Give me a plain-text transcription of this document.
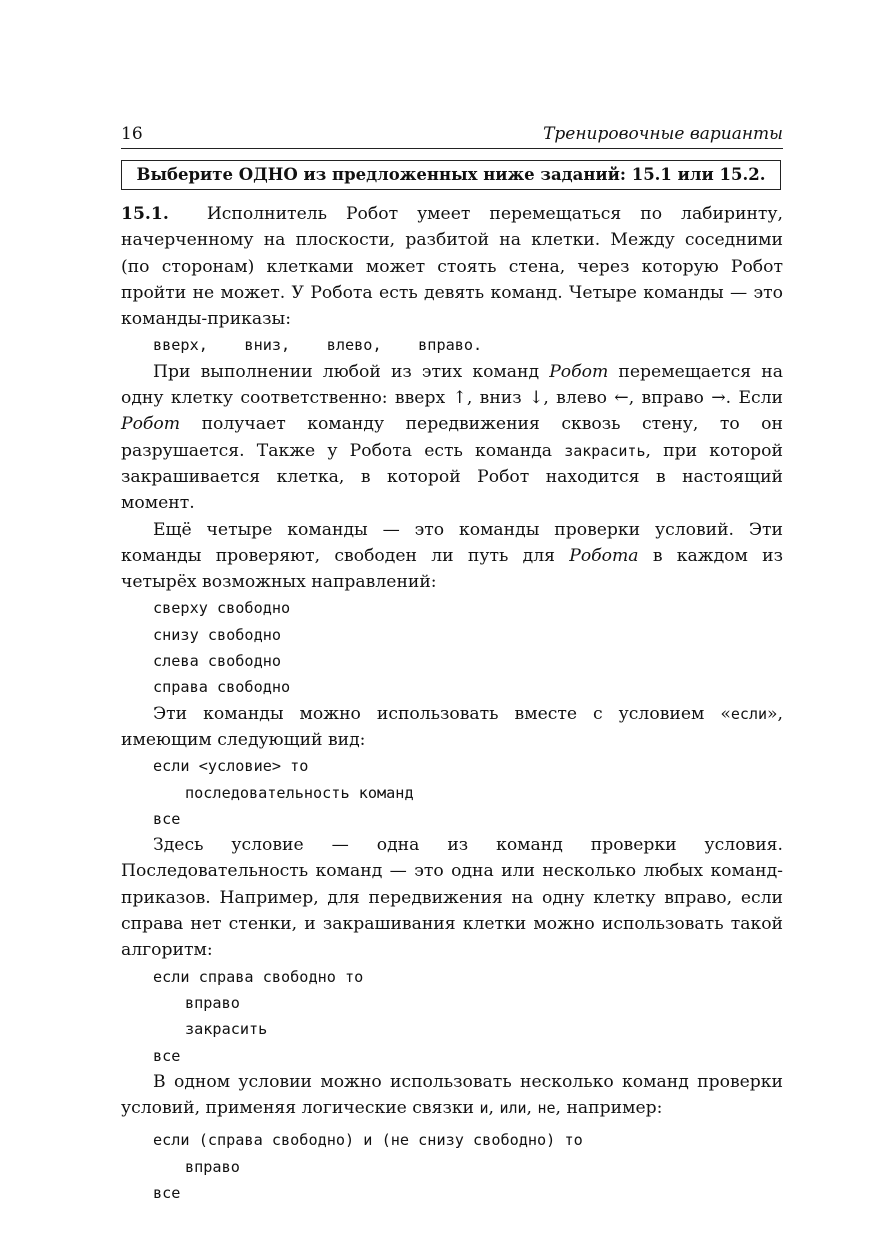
16	Тренировочные варианты
Выберите ОДНО из предложенных ниже заданий: 15.1 или 15.2.

15.1. Исполнитель Робот умеет перемещаться по лабиринту, начерченному на плоскости, разбитой на клетки. Между соседними (по сторонам) клетками может стоять стена, через которую Робот пройти не может. У Робота есть девять команд. Четыре команды — это команды-приказы:

вверх,    вниз,    влево,    вправо.

При выполнении любой из этих команд Робот перемещается на одну клетку соответственно: вверх ↑, вниз ↓, влево ←, вправо →. Если Робот получает команду передвижения сквозь стену, то он разрушается. Также у Робота есть команда закрасить, при которой закрашивается клетка, в которой Робот находится в настоящий момент.

Ещё четыре команды — это команды проверки условий. Эти команды проверяют, свободен ли путь для Робота в каждом из четырёх возможных направлений:

сверху свободно

снизу свободно

слева свободно

справа свободно

Эти команды можно использовать вместе с условием «если», имеющим следующий вид:

если <условие> то

последовательность команд

все

Здесь условие — одна из команд проверки условия. Последовательность команд — это одна или несколько любых команд-приказов. Например, для передвижения на одну клетку вправо, если справа нет стенки, и закрашивания клетки можно использовать такой алгоритм:

если справа свободно то

вправо

закрасить

все

В одном условии можно использовать несколько команд проверки условий, применяя логические связки и, или, не, например:

если (справа свободно) и (не снизу свободно) то

вправо

все
